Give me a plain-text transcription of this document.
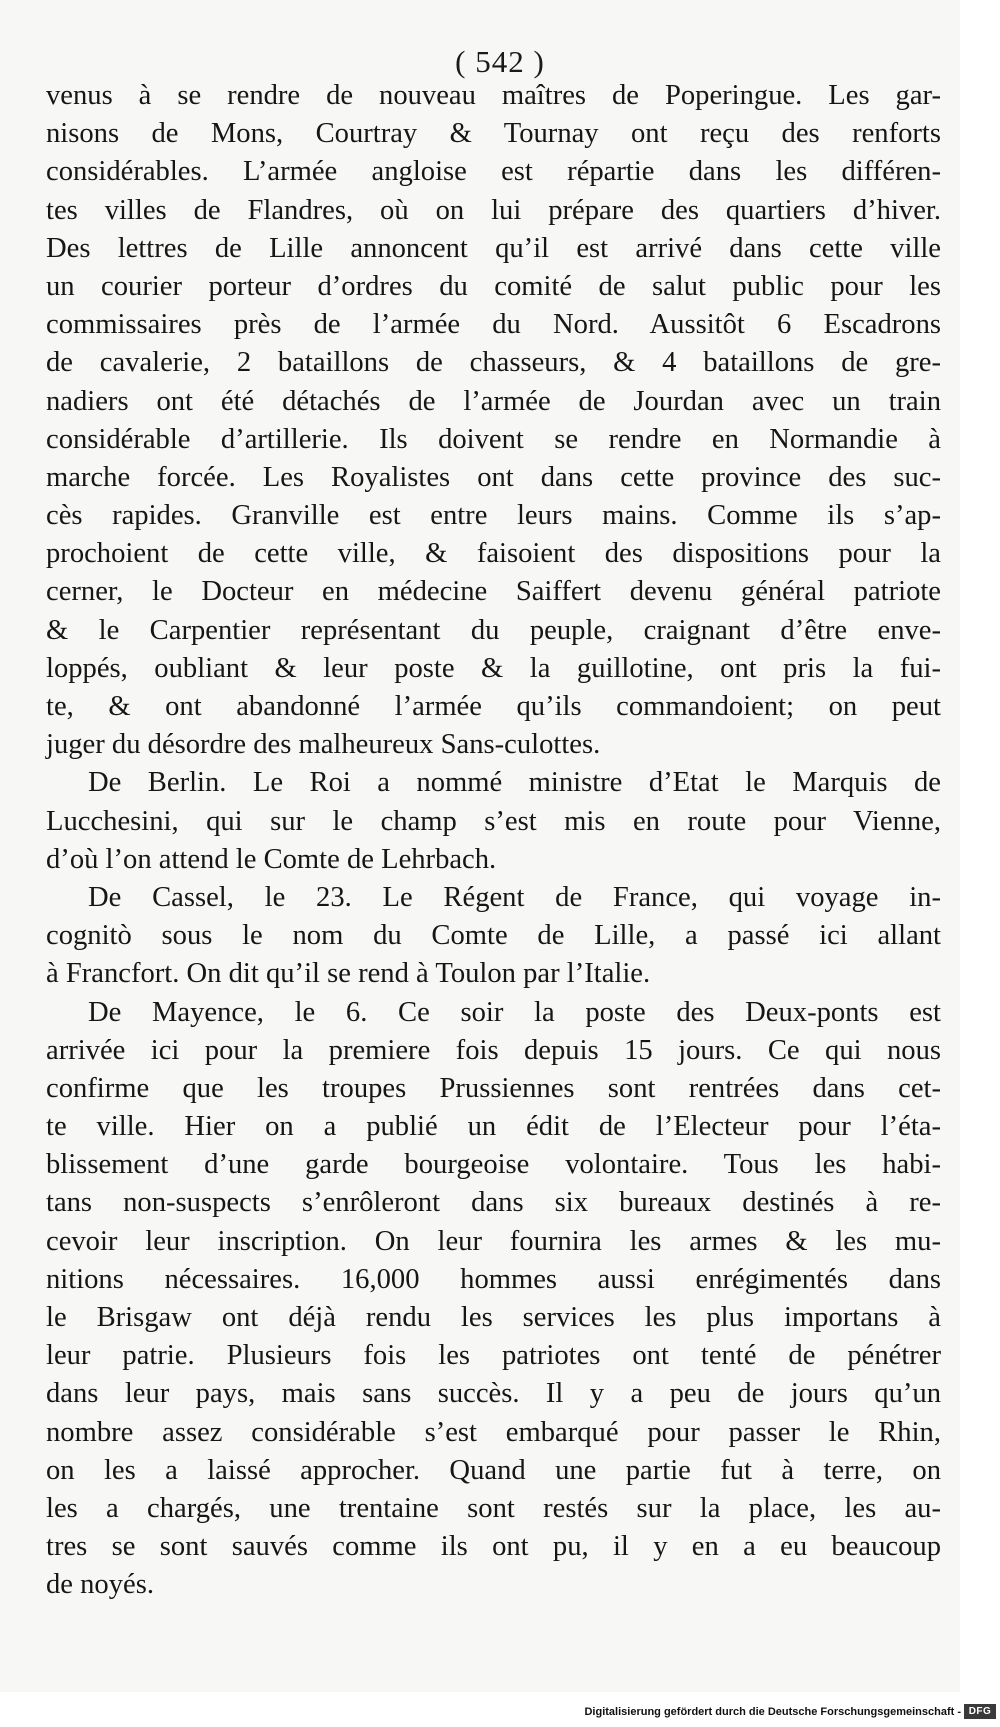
( 542 )
venus à se rendre de nouveau maîtres de Poperingue. Les gar-
nisons de Mons, Courtray & Tournay ont reçu des renforts
considérables. L’armée angloise est répartie dans les différen-
tes villes de Flandres, où on lui prépare des quartiers d’hiver.
Des lettres de Lille annoncent qu’il est arrivé dans cette ville
un courier porteur d’ordres du comité de salut public pour les
commissaires près de l’armée du Nord. Aussitôt 6 Escadrons
de cavalerie, 2 bataillons de chasseurs, & 4 bataillons de gre-
nadiers ont été détachés de l’armée de Jourdan avec un train
considérable d’artillerie. Ils doivent se rendre en Normandie à
marche forcée. Les Royalistes ont dans cette province des suc-
cès rapides. Granville est entre leurs mains. Comme ils s’ap-
prochoient de cette ville, & faisoient des dispositions pour la
cerner, le Docteur en médecine Saiffert devenu général patriote
& le Carpentier représentant du peuple, craignant d’être enve-
loppés, oubliant & leur poste & la guillotine, ont pris la fui-
te, & ont abandonné l’armée qu’ils commandoient; on peut
juger du désordre des malheureux Sans-culottes.
De Berlin. Le Roi a nommé ministre d’Etat le Marquis de
Lucchesini, qui sur le champ s’est mis en route pour Vienne,
d’où l’on attend le Comte de Lehrbach.
De Cassel, le 23. Le Régent de France, qui voyage in-
cognitò sous le nom du Comte de Lille, a passé ici allant
à Francfort. On dit qu’il se rend à Toulon par l’Italie.
De Mayence, le 6. Ce soir la poste des Deux-ponts est
arrivée ici pour la premiere fois depuis 15 jours. Ce qui nous
confirme que les troupes Prussiennes sont rentrées dans cet-
te ville. Hier on a publié un édit de l’Electeur pour l’éta-
blissement d’une garde bourgeoise volontaire. Tous les habi-
tans non-suspects s’enrôleront dans six bureaux destinés à re-
cevoir leur inscription. On leur fournira les armes & les mu-
nitions nécessaires. 16,000 hommes aussi enrégimentés dans
le Brisgaw ont déjà rendu les services les plus importans à
leur patrie. Plusieurs fois les patriotes ont tenté de pénétrer
dans leur pays, mais sans succès. Il y a peu de jours qu’un
nombre assez considérable s’est embarqué pour passer le Rhin,
on les a laissé approcher. Quand une partie fut à terre, on
les a chargés, une trentaine sont restés sur la place, les au-
tres se sont sauvés comme ils ont pu, il y en a eu beaucoup
de noyés.
Digitalisierung gefördert durch die Deutsche Forschungsgemeinschaft - DFG
